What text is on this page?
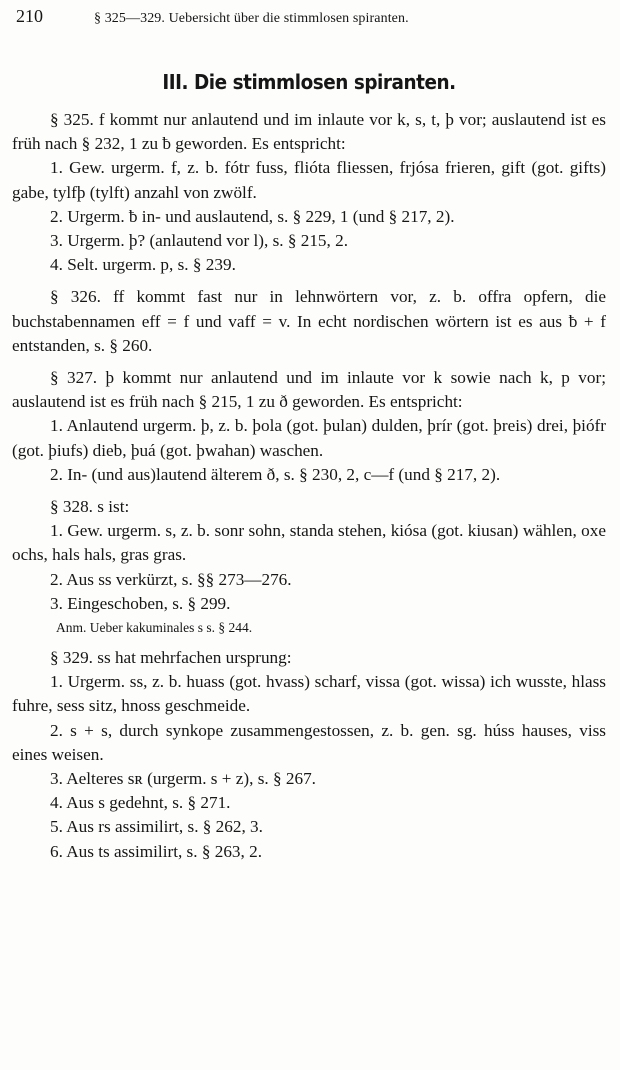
210	§ 325—329. Uebersicht über die stimmlosen spiranten.
III. Die stimmlosen spiranten.

§ 325. f kommt nur anlautend und im inlaute vor k, s, t, þ vor; auslautend ist es früh nach § 232, 1 zu ƀ geworden. Es entspricht:

1. Gew. urgerm. f, z. b. fótr fuss, flióta fliessen, frjósa frieren, gift (got. gifts) gabe, tylfþ (tylft) anzahl von zwölf.

2. Urgerm. ƀ in- und auslautend, s. § 229, 1 (und § 217, 2).

3. Urgerm. þ? (anlautend vor l), s. § 215, 2.

4. Selt. urgerm. p, s. § 239.

§ 326. ff kommt fast nur in lehnwörtern vor, z. b. offra opfern, die buchstabennamen eff = f und vaff = v. In echt nordischen wörtern ist es aus ƀ + f entstanden, s. § 260.

§ 327. þ kommt nur anlautend und im inlaute vor k sowie nach k, p vor; auslautend ist es früh nach § 215, 1 zu ð geworden. Es entspricht:

1. Anlautend urgerm. þ, z. b. þola (got. þulan) dulden, þrír (got. þreis) drei, þiófr (got. þiufs) dieb, þuá (got. þwahan) waschen.

2. In- (und aus)lautend älterem ð, s. § 230, 2, c—f (und § 217, 2).

§ 328. s ist:

1. Gew. urgerm. s, z. b. sonr sohn, standa stehen, kiósa (got. kiusan) wählen, oxe ochs, hals hals, gras gras.

2. Aus ss verkürzt, s. §§ 273—276.

3. Eingeschoben, s. § 299.

Anm. Ueber kakuminales s s. § 244.

§ 329. ss hat mehrfachen ursprung:

1. Urgerm. ss, z. b. huass (got. hvass) scharf, vissa (got. wissa) ich wusste, hlass fuhre, sess sitz, hnoss geschmeide.

2. s + s, durch synkope zusammengestossen, z. b. gen. sg. húss hauses, viss eines weisen.

3. Aelteres sʀ (urgerm. s + z), s. § 267.

4. Aus s gedehnt, s. § 271.

5. Aus rs assimilirt, s. § 262, 3.

6. Aus ts assimilirt, s. § 263, 2.
